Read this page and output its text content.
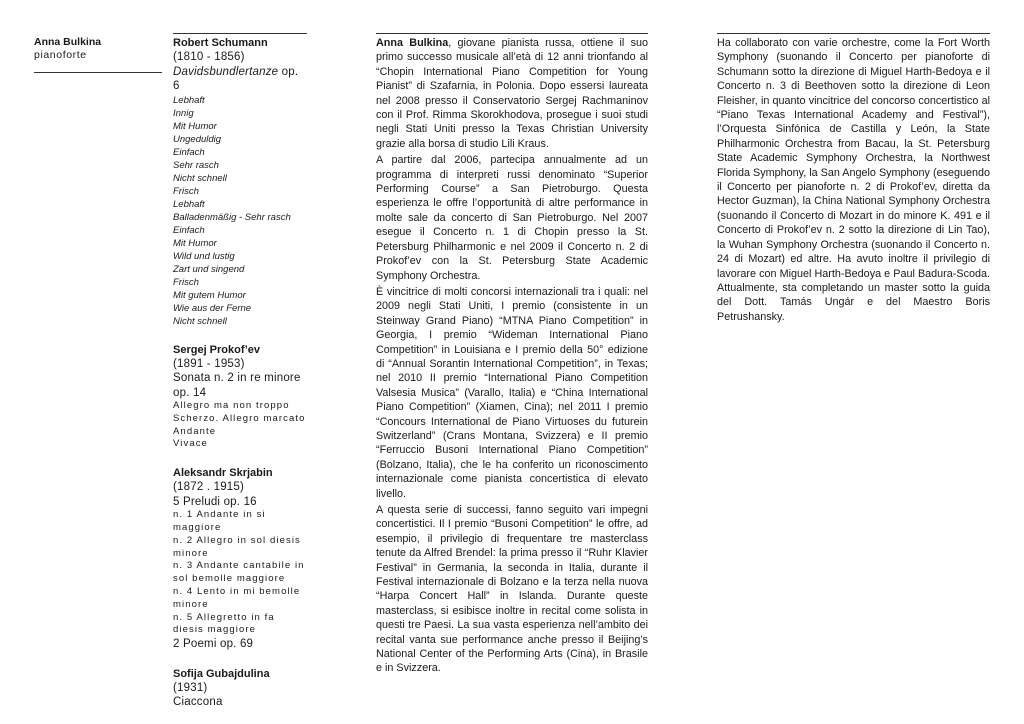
Anna Bulkina
pianoforte
Robert Schumann
(1810 - 1856)
Davidsbundlertanze op. 6
Lebhaft
Innig
Mit Humor
Ungeduldig
Einfach
Sehr rasch
Nicht schnell
Frisch
Lebhaft
Balladenmäßig - Sehr rasch
Einfach
Mit Humor
Wild und lustig
Zart und singend
Frisch
Mit gutem Humor
Wie aus der Ferne
Nicht schnell
Sergej Prokof’ev
(1891 - 1953)
Sonata n. 2 in re minore
op. 14
Allegro ma non troppo
Scherzo. Allegro marcato
Andante
Vivace
Aleksandr Skrjabin
(1872 . 1915)
5 Preludi op. 16
n. 1 Andante in si maggiore
n. 2 Allegro in sol diesis minore
n. 3 Andante cantabile in sol bemolle maggiore
n. 4 Lento in mi bemolle minore
n. 5 Allegretto in fa diesis maggiore
2 Poemi op. 69
Sofija Gubajdulina
(1931)
Ciaccona

Anna Bulkina, giovane pianista russa, ottiene il suo primo successo musicale all’età di 12 anni trionfando al “Chopin International Piano Competition for Young Pianist” di Szafarnia, in Polonia. Dopo essersi laureata nel 2008 presso il Conservatorio Sergej Rachmaninov con il Prof. Rimma Skorokhodova, prosegue i suoi studi negli Stati Uniti presso la Texas Christian University grazie alla borsa di studio Lili Kraus.

A partire dal 2006, partecipa annualmente ad un programma di interpreti russi denominato “Superior Performing Course” a San Pietroburgo. Questa esperienza le offre l’opportunità di altre performance in molte sale da concerto di San Pietroburgo. Nel 2007 esegue il Concerto n. 1 di Chopin presso la St. Petersburg Philharmonic e nel 2009 il Concerto n. 2 di Prokof’ev con la St. Petersburg State Academic Symphony Orchestra.

È vincitrice di molti concorsi internazionali tra i quali: nel 2009 negli Stati Uniti, I premio (consistente in un Steinway Grand Piano) “MTNA Piano Competition” in Georgia, I premio “Wideman International Piano Competition” in Louisiana e I premio della 50° edizione di “Annual Sorantin International Competition”, in Texas; nel 2010 II premio “International Piano Competition Valsesia Musica” (Varallo, Italia) e “China International Piano Competition” (Xiamen, Cina); nel 2011 I premio “Concours International de Piano Virtuoses du futurein Switzerland” (Crans Montana, Svizzera) e II premio “Ferruccio Busoni International Piano Competition” (Bolzano, Italia), che le ha conferito un riconoscimento internazionale come pianista concertistica di elevato livello.

A questa serie di successi, fanno seguito vari impegni concertistici. Il I premio “Busoni Competition” le offre, ad esempio, il privilegio di frequentare tre masterclass tenute da Alfred Brendel: la prima presso il “Ruhr Klavier Festival” in Germania, la seconda in Italia, durante il Festival internazionale di Bolzano e la terza nella nuova “Harpa Concert Hall” in Islanda. Durante queste masterclass, si esibisce inoltre in recital come solista in questi tre Paesi. La sua vasta esperienza nell’ambito dei recital vanta sue performance anche presso il Beijing’s National Center of the Performing Arts (Cina), in Brasile e in Svizzera.

Ha collaborato con varie orchestre, come la Fort Worth Symphony (suonando il Concerto per pianoforte di Schumann sotto la direzione di Miguel Harth-Bedoya e il Concerto n. 3 di Beethoven sotto la direzione di Leon Fleisher, in quanto vincitrice del concorso concertistico al “Piano Texas International Academy and Festival”), l’Orquesta Sinfónica de Castilla y León, la State Philharmonic Orchestra from Bacau, la St. Petersburg State Academic Symphony Orchestra, la Northwest Florida Symphony, la San Angelo Symphony (eseguendo il Concerto per pianoforte n. 2 di Prokof’ev, diretta da Hector Guzman), la China National Symphony Orchestra (suonando il Concerto di Mozart in do minore K. 491 e il Concerto di Prokof’ev n. 2 sotto la direzione di Lin Tao), la Wuhan Symphony Orchestra (suonando il Concerto n. 24 di Mozart) ed altre. Ha avuto inoltre il privilegio di lavorare con Miguel Harth-Bedoya e Paul Badura-Scoda. Attualmente, sta completando un master sotto la guida del Dott. Tamás Ungár e del Maestro Boris Petrushansky.
